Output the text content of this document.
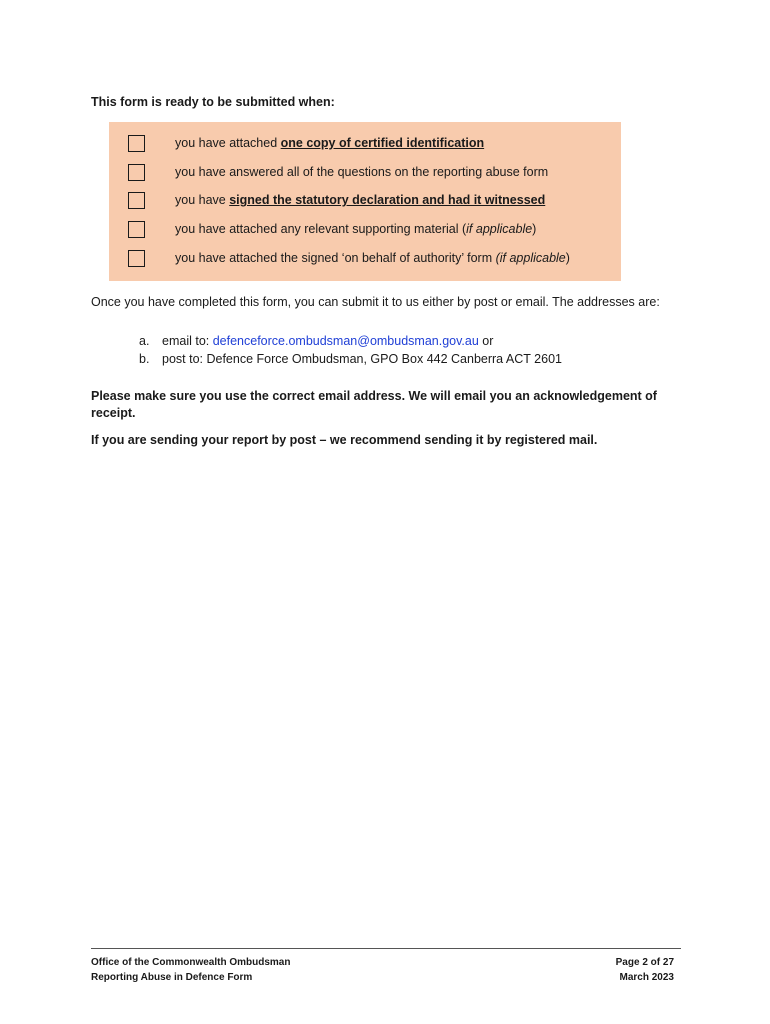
This form is ready to be submitted when:
you have attached one copy of certified identification
you have answered all of the questions on the reporting abuse form
you have signed the statutory declaration and had it witnessed
you have attached any relevant supporting material (if applicable)
you have attached the signed ‘on behalf of authority’ form (if applicable)
Once you have completed this form, you can submit it to us either by post or email. The addresses are:
a. email to: defenceforce.ombudsman@ombudsman.gov.au or
b. post to: Defence Force Ombudsman, GPO Box 442 Canberra ACT 2601
Please make sure you use the correct email address. We will email you an acknowledgement of receipt.
If you are sending your report by post – we recommend sending it by registered mail.
Office of the Commonwealth Ombudsman
Reporting Abuse in Defence Form
Page 2 of 27
March 2023
